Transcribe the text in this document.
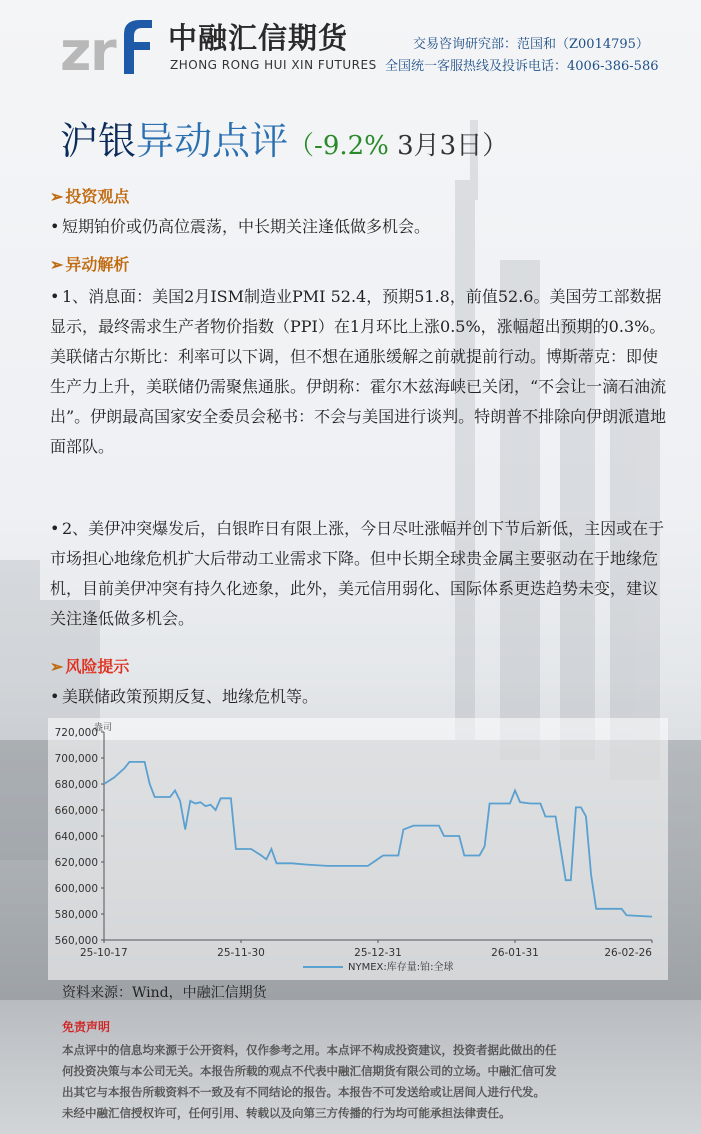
z
r 中融汇信期货
ZHONG RONG HUI XIN FUTURES
交易咨询研究部：范国和（Z0014795）
全国统一客服热线及投诉电话：4006-386-586
沪银异动点评（-9.2% 3月3日）
➢ 投资观点
• 短期铂价或仍高位震荡，中长期关注逢低做多机会。
➢ 异动解析
• 1、消息面：美国2月ISM制造业PMI 52.4，预期51.8，前值52.6。美国劳工部数据显示，最终需求生产者物价指数（PPI）在1月环比上涨0.5%，涨幅超出预期的0.3%。美联储古尔斯比：利率可以下调，但不想在通胀缓解之前就提前行动。博斯蒂克：即使生产力上升，美联储仍需聚焦通胀。伊朗称：霍尔木兹海峡已关闭，“不会让一滴石油流出”。伊朗最高国家安全委员会秘书：不会与美国进行谈判。特朗普不排除向伊朗派遣地面部队。
• 2、美伊冲突爆发后，白银昨日有限上涨，今日尽吐涨幅并创下节后新低，主因或在于市场担心地缘危机扩大后带动工业需求下降。但中长期全球贵金属主要驱动在于地缘危机，目前美伊冲突有持久化迹象，此外，美元信用弱化、国际体系更迭趋势未变，建议关注逢低做多机会。
➢ 风险提示
• 美联储政策预期反复、地缘危机等。
盎司
720,000
700,000
680,000
660,000
640,000
620,000
600,000
580,000
560,000
25-10-17	25-11-30	25-12-31	26-01-31	26-02-26
NYMEX:库存量:铂:全球
资料来源：Wind，中融汇信期货
免责声明
本点评中的信息均来源于公开资料，仅作参考之用。本点评不构成投资建议，投资者据此做出的任
何投资决策与本公司无关。本报告所载的观点不代表中融汇信期货有限公司的立场。中融汇信可发
出其它与本报告所载资料不一致及有不同结论的报告。本报告不可发送给或让居间人进行代发。
未经中融汇信授权许可，任何引用、转载以及向第三方传播的行为均可能承担法律责任。
